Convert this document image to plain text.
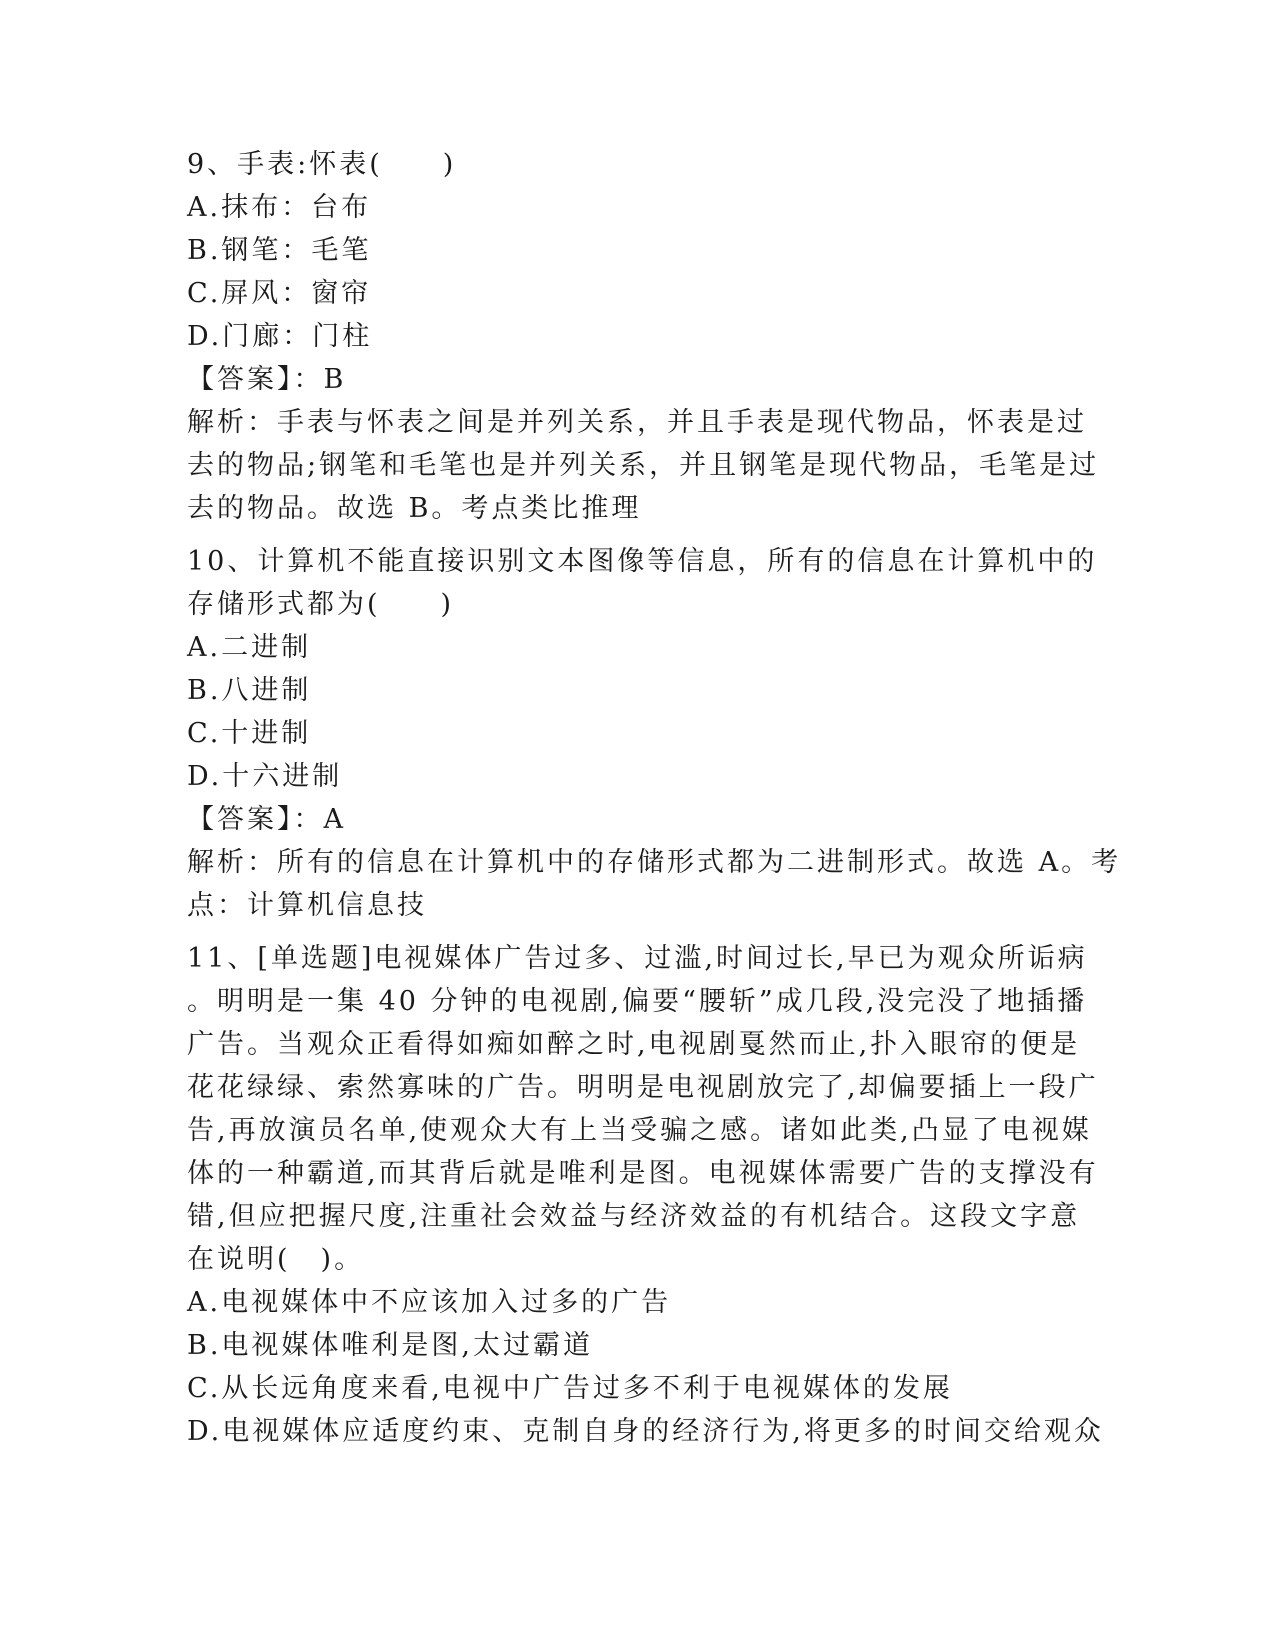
9、手表:怀表(　　)
A.抹布：台布
B.钢笔：毛笔
C.屏风：窗帘
D.门廊：门柱
【答案】：B
解析：手表与怀表之间是并列关系，并且手表是现代物品，怀表是过
去的物品;钢笔和毛笔也是并列关系，并且钢笔是现代物品，毛笔是过
去的物品。故选 B。考点类比推理
10、计算机不能直接识别文本图像等信息，所有的信息在计算机中的
存储形式都为(　　)
A.二进制
B.八进制
C.十进制
D.十六进制
【答案】：A
解析：所有的信息在计算机中的存储形式都为二进制形式。故选 A。考
点：计算机信息技
11、[单选题]电视媒体广告过多、过滥,时间过长,早已为观众所诟病
。明明是一集 40 分钟的电视剧,偏要“腰斩”成几段,没完没了地插播
广告。当观众正看得如痴如醉之时,电视剧戛然而止,扑入眼帘的便是
花花绿绿、索然寡味的广告。明明是电视剧放完了,却偏要插上一段广
告,再放演员名单,使观众大有上当受骗之感。诸如此类,凸显了电视媒
体的一种霸道,而其背后就是唯利是图。电视媒体需要广告的支撑没有
错,但应把握尺度,注重社会效益与经济效益的有机结合。这段文字意
在说明(　)。
A.电视媒体中不应该加入过多的广告
B.电视媒体唯利是图,太过霸道
C.从长远角度来看,电视中广告过多不利于电视媒体的发展
D.电视媒体应适度约束、克制自身的经济行为,将更多的时间交给观众
